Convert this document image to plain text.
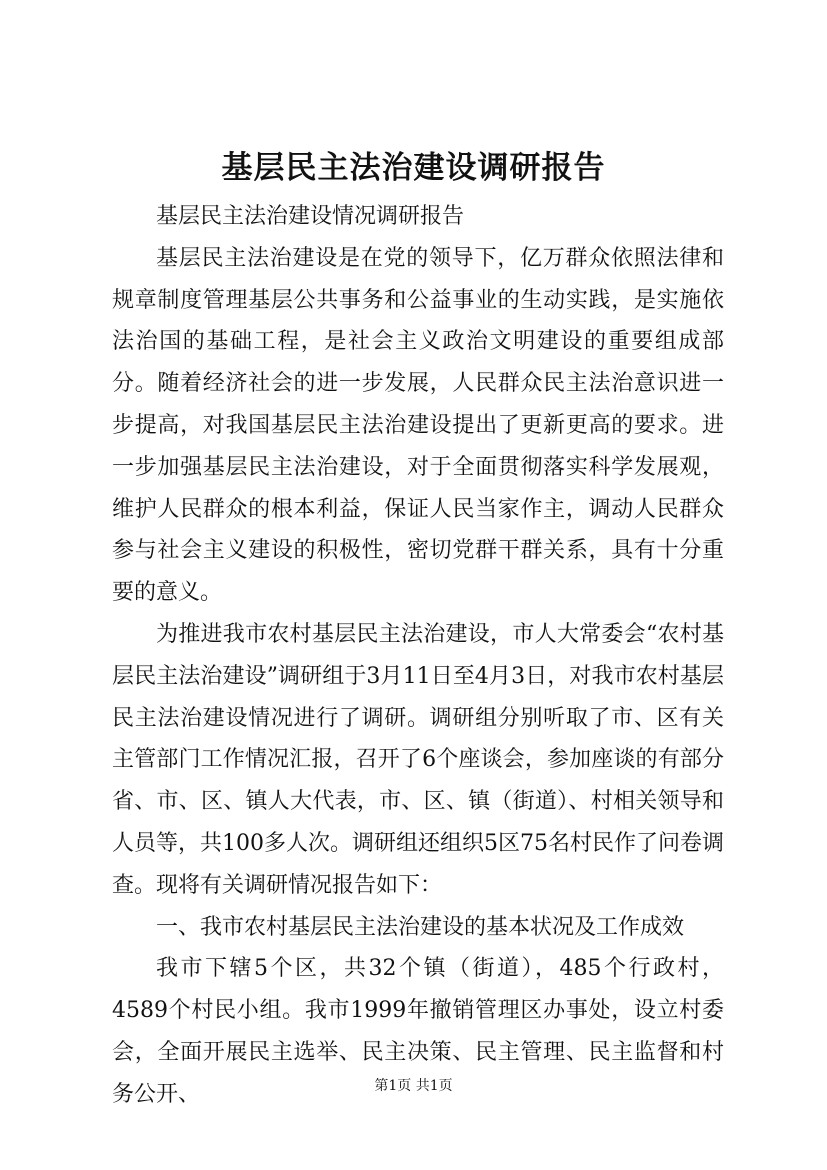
基层民主法治建设调研报告

基层民主法治建设情况调研报告

基层民主法治建设是在党的领导下，亿万群众依照法律和规章制度管理基层公共事务和公益事业的生动实践，是实施依法治国的基础工程，是社会主义政治文明建设的重要组成部分。随着经济社会的进一步发展，人民群众民主法治意识进一步提高，对我国基层民主法治建设提出了更新更高的要求。进一步加强基层民主法治建设，对于全面贯彻落实科学发展观，维护人民群众的根本利益，保证人民当家作主，调动人民群众参与社会主义建设的积极性，密切党群干群关系，具有十分重要的意义。

为推进我市农村基层民主法治建设，市人大常委会“农村基层民主法治建设”调研组于3月11日至4月3日，对我市农村基层民主法治建设情况进行了调研。调研组分别听取了市、区有关主管部门工作情况汇报，召开了6个座谈会，参加座谈的有部分省、市、区、镇人大代表，市、区、镇（街道）、村相关领导和人员等，共100多人次。调研组还组织5区75名村民作了问卷调查。现将有关调研情况报告如下：

一、我市农村基层民主法治建设的基本状况及工作成效

我市下辖5个区，共32个镇（街道），485个行政村，4589个村民小组。我市1999年撤销管理区办事处，设立村委会，全面开展民主选举、民主决策、民主管理、民主监督和村务公开、	第1页 共1页
